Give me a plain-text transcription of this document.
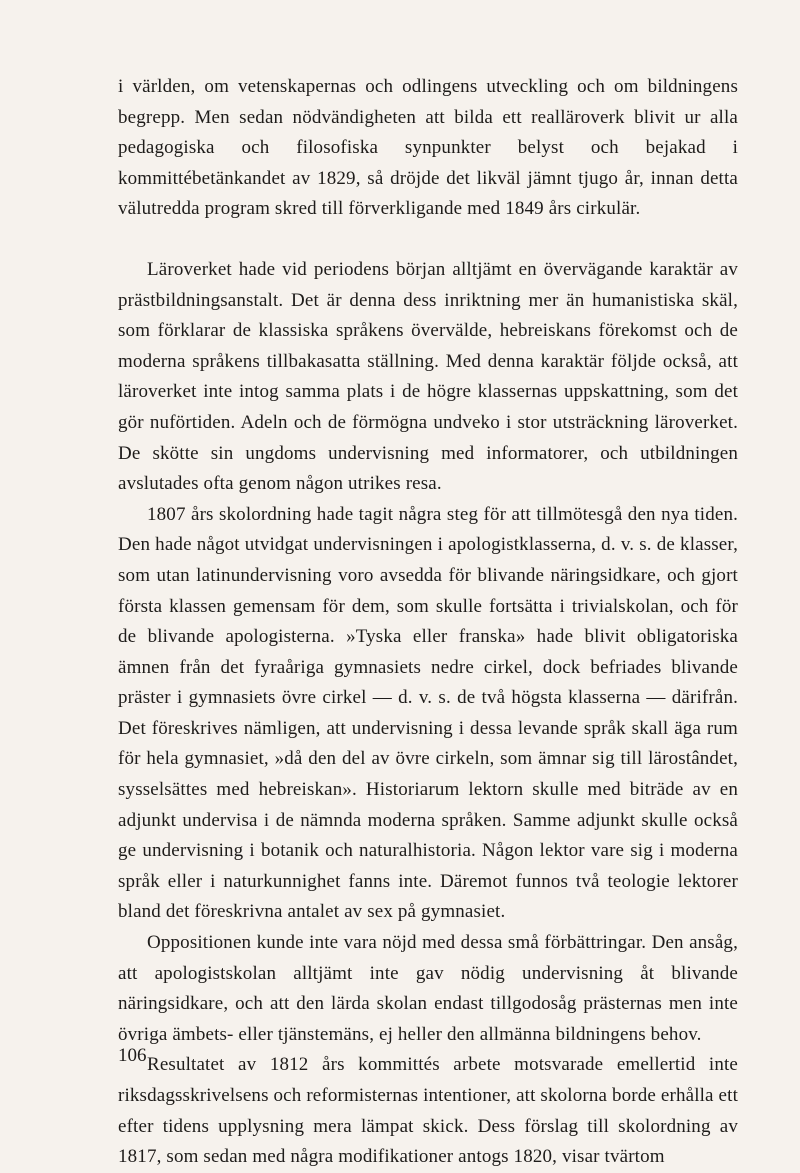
i världen, om vetenskapernas och odlingens utveckling och om bildningens begrepp. Men sedan nödvändigheten att bilda ett realläroverk blivit ur alla pedagogiska och filosofiska synpunkter belyst och bejakad i kommittébetänkandet av 1829, så dröjde det likväl jämnt tjugo år, innan detta välutredda program skred till förverkligande med 1849 års cirkulär.

Läroverket hade vid periodens början alltjämt en övervägande karaktär av prästbildningsanstalt. Det är denna dess inriktning mer än humanistiska skäl, som förklarar de klassiska språkens övervälde, hebreiskans förekomst och de moderna språkens tillbakasatta ställning. Med denna karaktär följde också, att läroverket inte intog samma plats i de högre klassernas uppskattning, som det gör nuförtiden. Adeln och de förmögna undveko i stor utsträckning läroverket. De skötte sin ungdoms undervisning med informatorer, och utbildningen avslutades ofta genom någon utrikes resa.

1807 års skolordning hade tagit några steg för att tillmötesgå den nya tiden. Den hade något utvidgat undervisningen i apologistklasserna, d. v. s. de klasser, som utan latinundervisning voro avsedda för blivande näringsidkare, och gjort första klassen gemensam för dem, som skulle fortsätta i trivialskolan, och för de blivande apologisterna. »Tyska eller franska» hade blivit obligatoriska ämnen från det fyraåriga gymnasiets nedre cirkel, dock befriades blivande präster i gymnasiets övre cirkel — d. v. s. de två högsta klasserna — därifrån. Det föreskrives nämligen, att undervisning i dessa levande språk skall äga rum för hela gymnasiet, »då den del av övre cirkeln, som ämnar sig till lärostândet, sysselsättes med hebreiskan». Historiarum lektorn skulle med biträde av en adjunkt undervisa i de nämnda moderna språken. Samme adjunkt skulle också ge undervisning i botanik och naturalhistoria. Någon lektor vare sig i moderna språk eller i naturkunnighet fanns inte. Däremot funnos två teologie lektorer bland det föreskrivna antalet av sex på gymnasiet.

Oppositionen kunde inte vara nöjd med dessa små förbättringar. Den ansåg, att apologistskolan alltjämt inte gav nödig undervisning åt blivande näringsidkare, och att den lärda skolan endast tillgodosåg prästernas men inte övriga ämbets- eller tjänstemäns, ej heller den allmänna bildningens behov.

Resultatet av 1812 års kommittés arbete motsvarade emellertid inte riksdagsskrivelsens och reformisternas intentioner, att skolorna borde erhålla ett efter tidens upplysning mera lämpat skick. Dess förslag till skolordning av 1817, som sedan med några modifikationer antogs 1820, visar tvärtom

106
